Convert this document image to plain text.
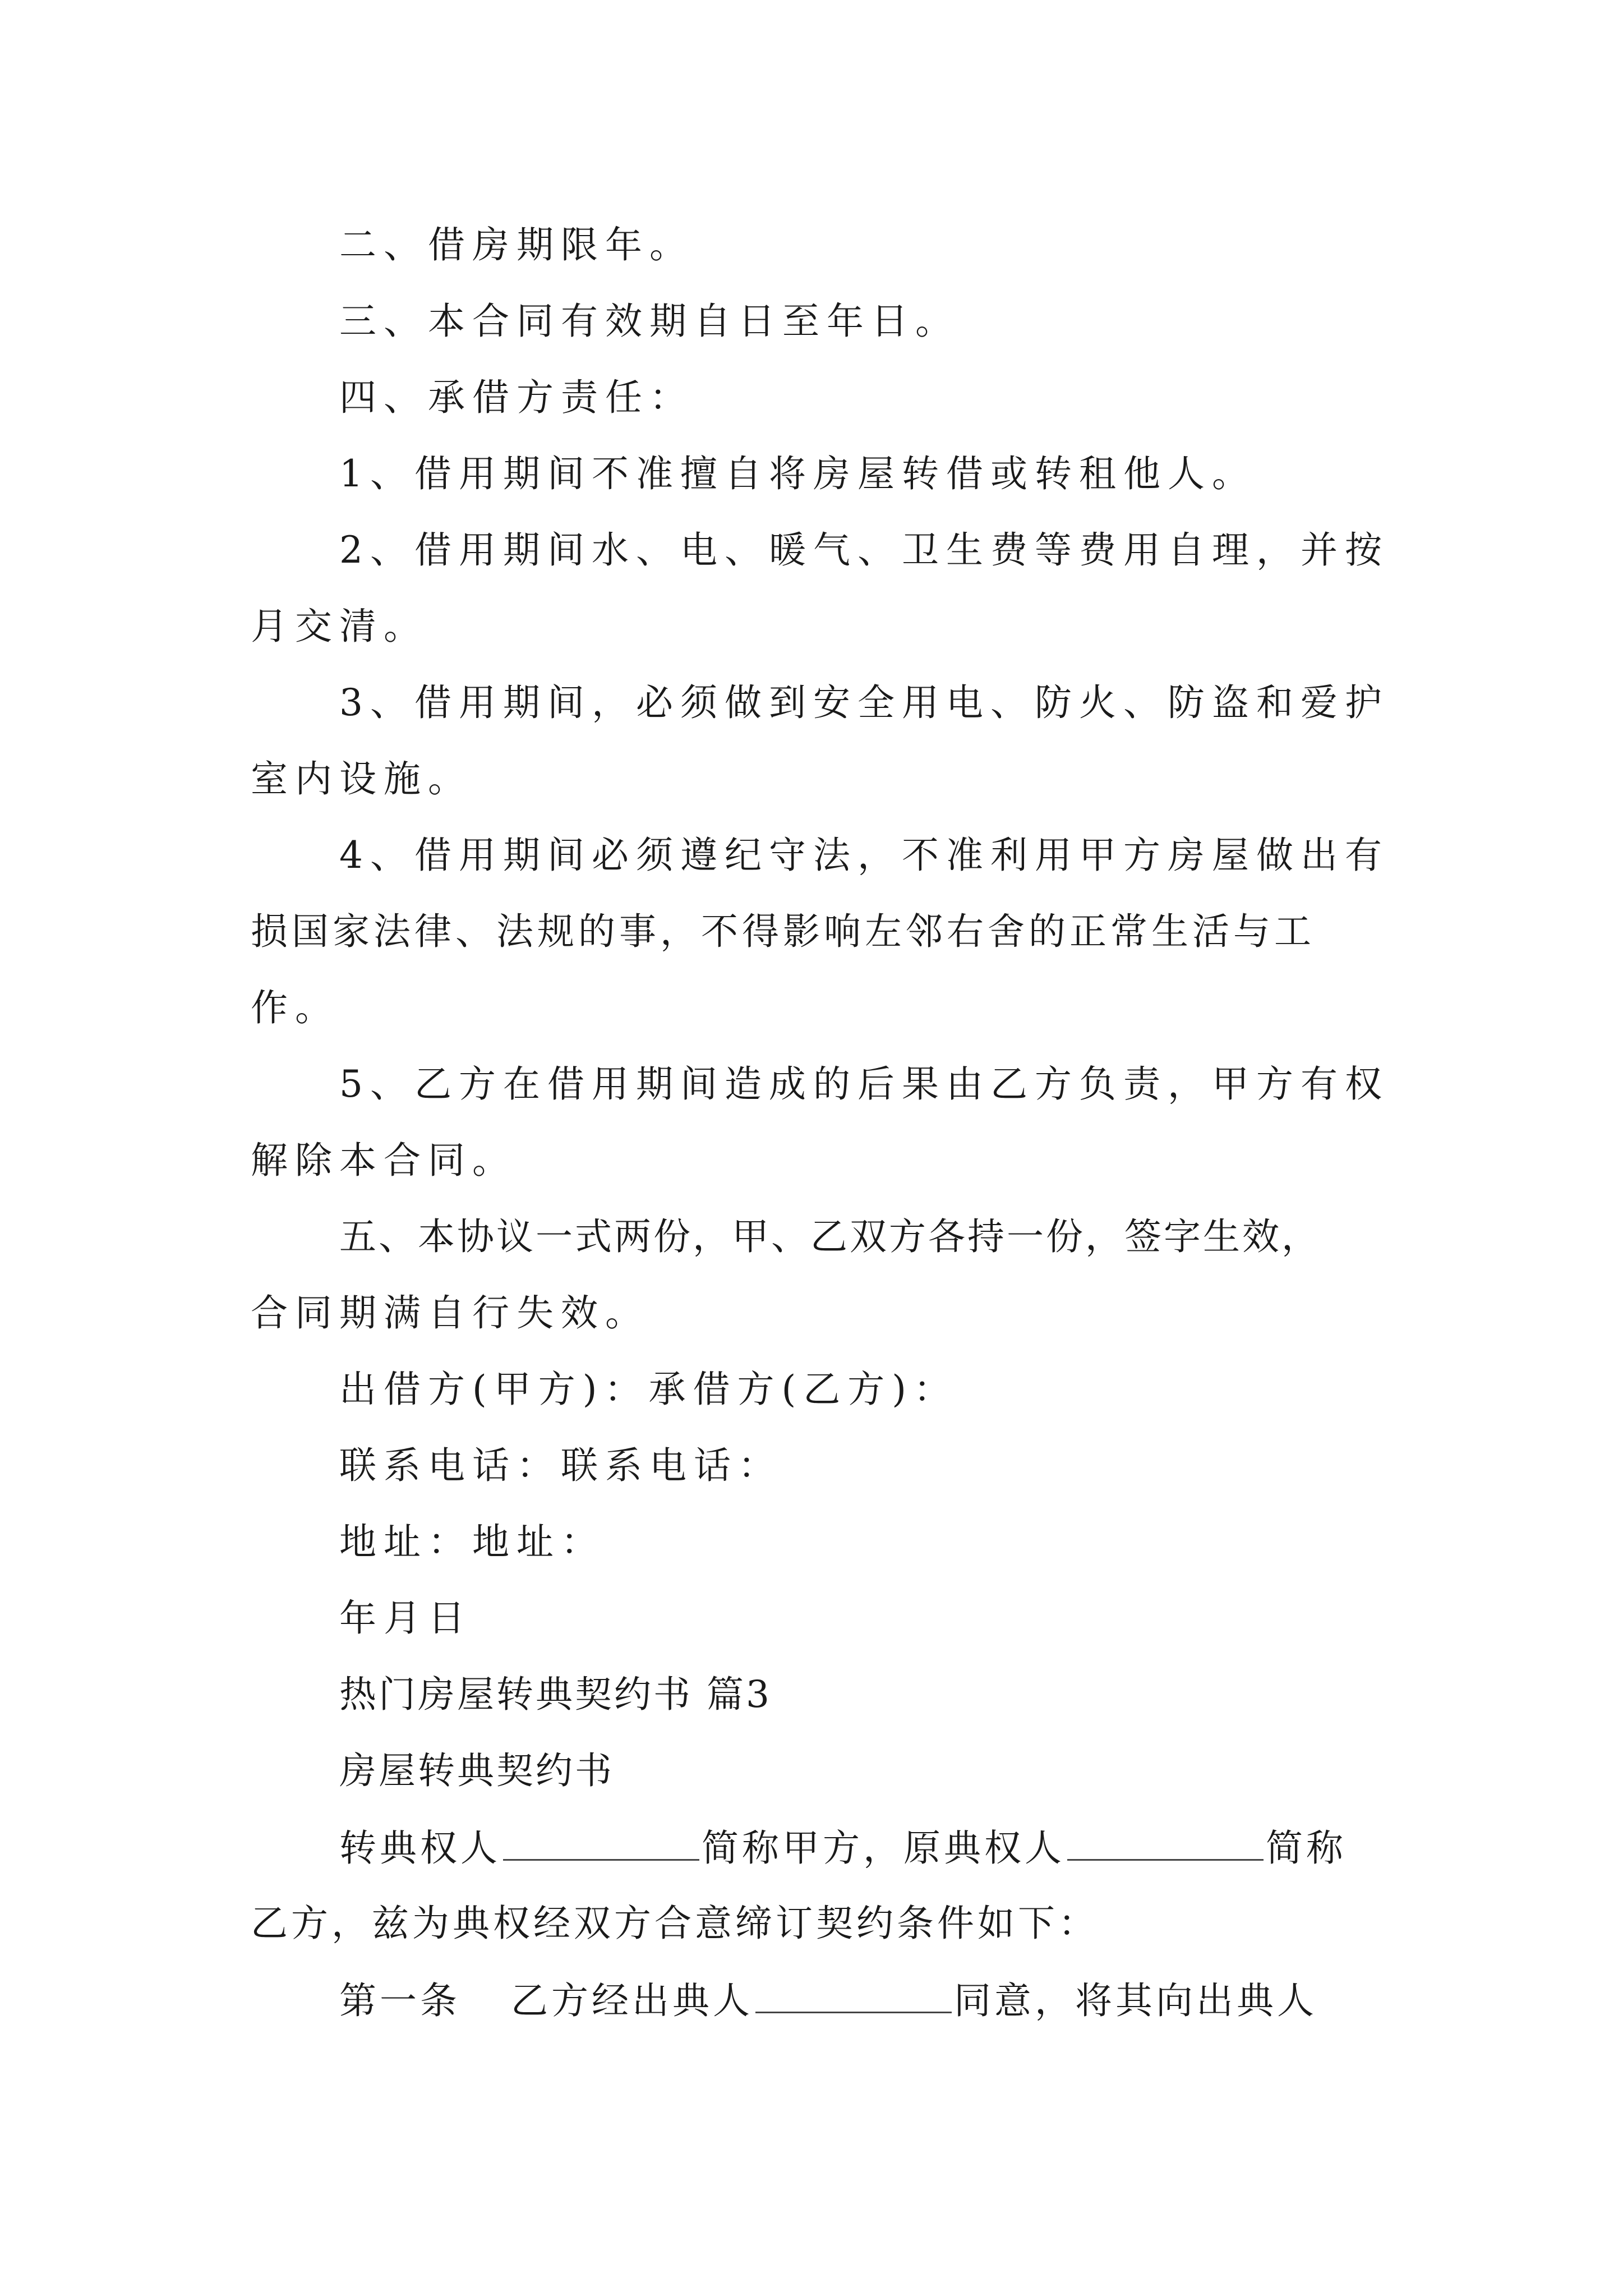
二、借房期限年。
三、本合同有效期自日至年日。
四、承借方责任：
1、借用期间不准擅自将房屋转借或转租他人。
2、借用期间水、电、暖气、卫生费等费用自理，并按
月交清。
3、借用期间，必须做到安全用电、防火、防盗和爱护
室内设施。
4、借用期间必须遵纪守法，不准利用甲方房屋做出有
损国家法律、法规的事，不得影响左邻右舍的正常生活与工
作。
5、乙方在借用期间造成的后果由乙方负责，甲方有权
解除本合同。
五、本协议一式两份，甲、乙双方各持一份，签字生效，
合同期满自行失效。
出借方(甲方)：承借方(乙方)：
联系电话：联系电话：
地址：地址：
年月日
热门房屋转典契约书 篇3
房屋转典契约书
转典权人	简称甲方，原典权人	简称
乙方，兹为典权经双方合意缔订契约条件如下：
第一条 乙方经出典人	同意，将其向出典人
